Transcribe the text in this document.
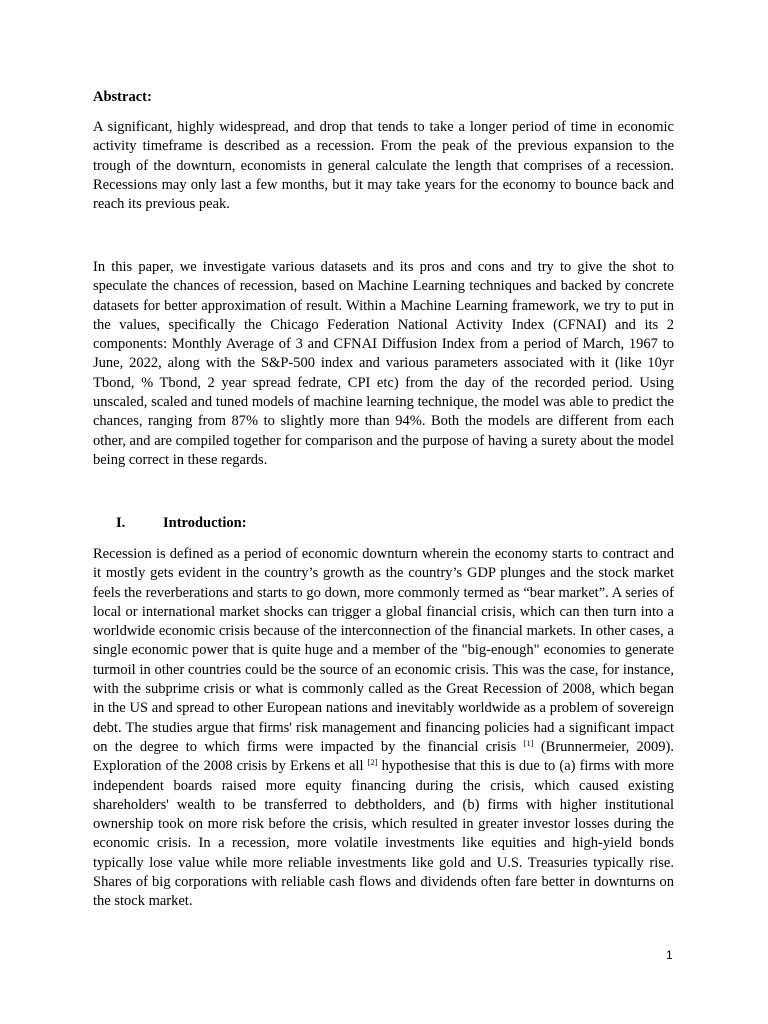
Abstract:

A significant, highly widespread, and drop that tends to take a longer period of time in economic activity timeframe is described as a recession. From the peak of the previous expansion to the trough of the downturn, economists in general calculate the length that comprises of a recession. Recessions may only last a few months, but it may take years for the economy to bounce back and reach its previous peak.

In this paper, we investigate various datasets and its pros and cons and try to give the shot to speculate the chances of recession, based on Machine Learning techniques and backed by concrete datasets for better approximation of result. Within a Machine Learning framework, we try to put in the values, specifically the Chicago Federation National Activity Index (CFNAI) and its 2 components: Monthly Average of 3 and CFNAI Diffusion Index from a period of March, 1967 to June, 2022, along with the S&P-500 index and various parameters associated with it (like 10yr Tbond, % Tbond, 2 year spread fedrate, CPI etc) from the day of the recorded period. Using unscaled, scaled and tuned models of machine learning technique, the model was able to predict the chances, ranging from 87% to slightly more than 94%. Both the models are different from each other, and are compiled together for comparison and the purpose of having a surety about the model being correct in these regards.

I.	Introduction:

Recession is defined as a period of economic downturn wherein the economy starts to contract and it mostly gets evident in the country’s growth as the country’s GDP plunges and the stock market feels the reverberations and starts to go down, more commonly termed as “bear market”. A series of local or international market shocks can trigger a global financial crisis, which can then turn into a worldwide economic crisis because of the interconnection of the financial markets. In other cases, a single economic power that is quite huge and a member of the "big-enough" economies to generate turmoil in other countries could be the source of an economic crisis. This was the case, for instance, with the subprime crisis or what is commonly called as the Great Recession of 2008, which began in the US and spread to other European nations and inevitably worldwide as a problem of sovereign debt. The studies argue that firms' risk management and financing policies had a significant impact on the degree to which firms were impacted by the financial crisis [1] (Brunnermeier, 2009). Exploration of the 2008 crisis by Erkens et all [2] hypothesise that this is due to (a) firms with more independent boards raised more equity financing during the crisis, which caused existing shareholders' wealth to be transferred to debtholders, and (b) firms with higher institutional ownership took on more risk before the crisis, which resulted in greater investor losses during the economic crisis. In a recession, more volatile investments like equities and high-yield bonds typically lose value while more reliable investments like gold and U.S. Treasuries typically rise. Shares of big corporations with reliable cash flows and dividends often fare better in downturns on the stock market.

1
